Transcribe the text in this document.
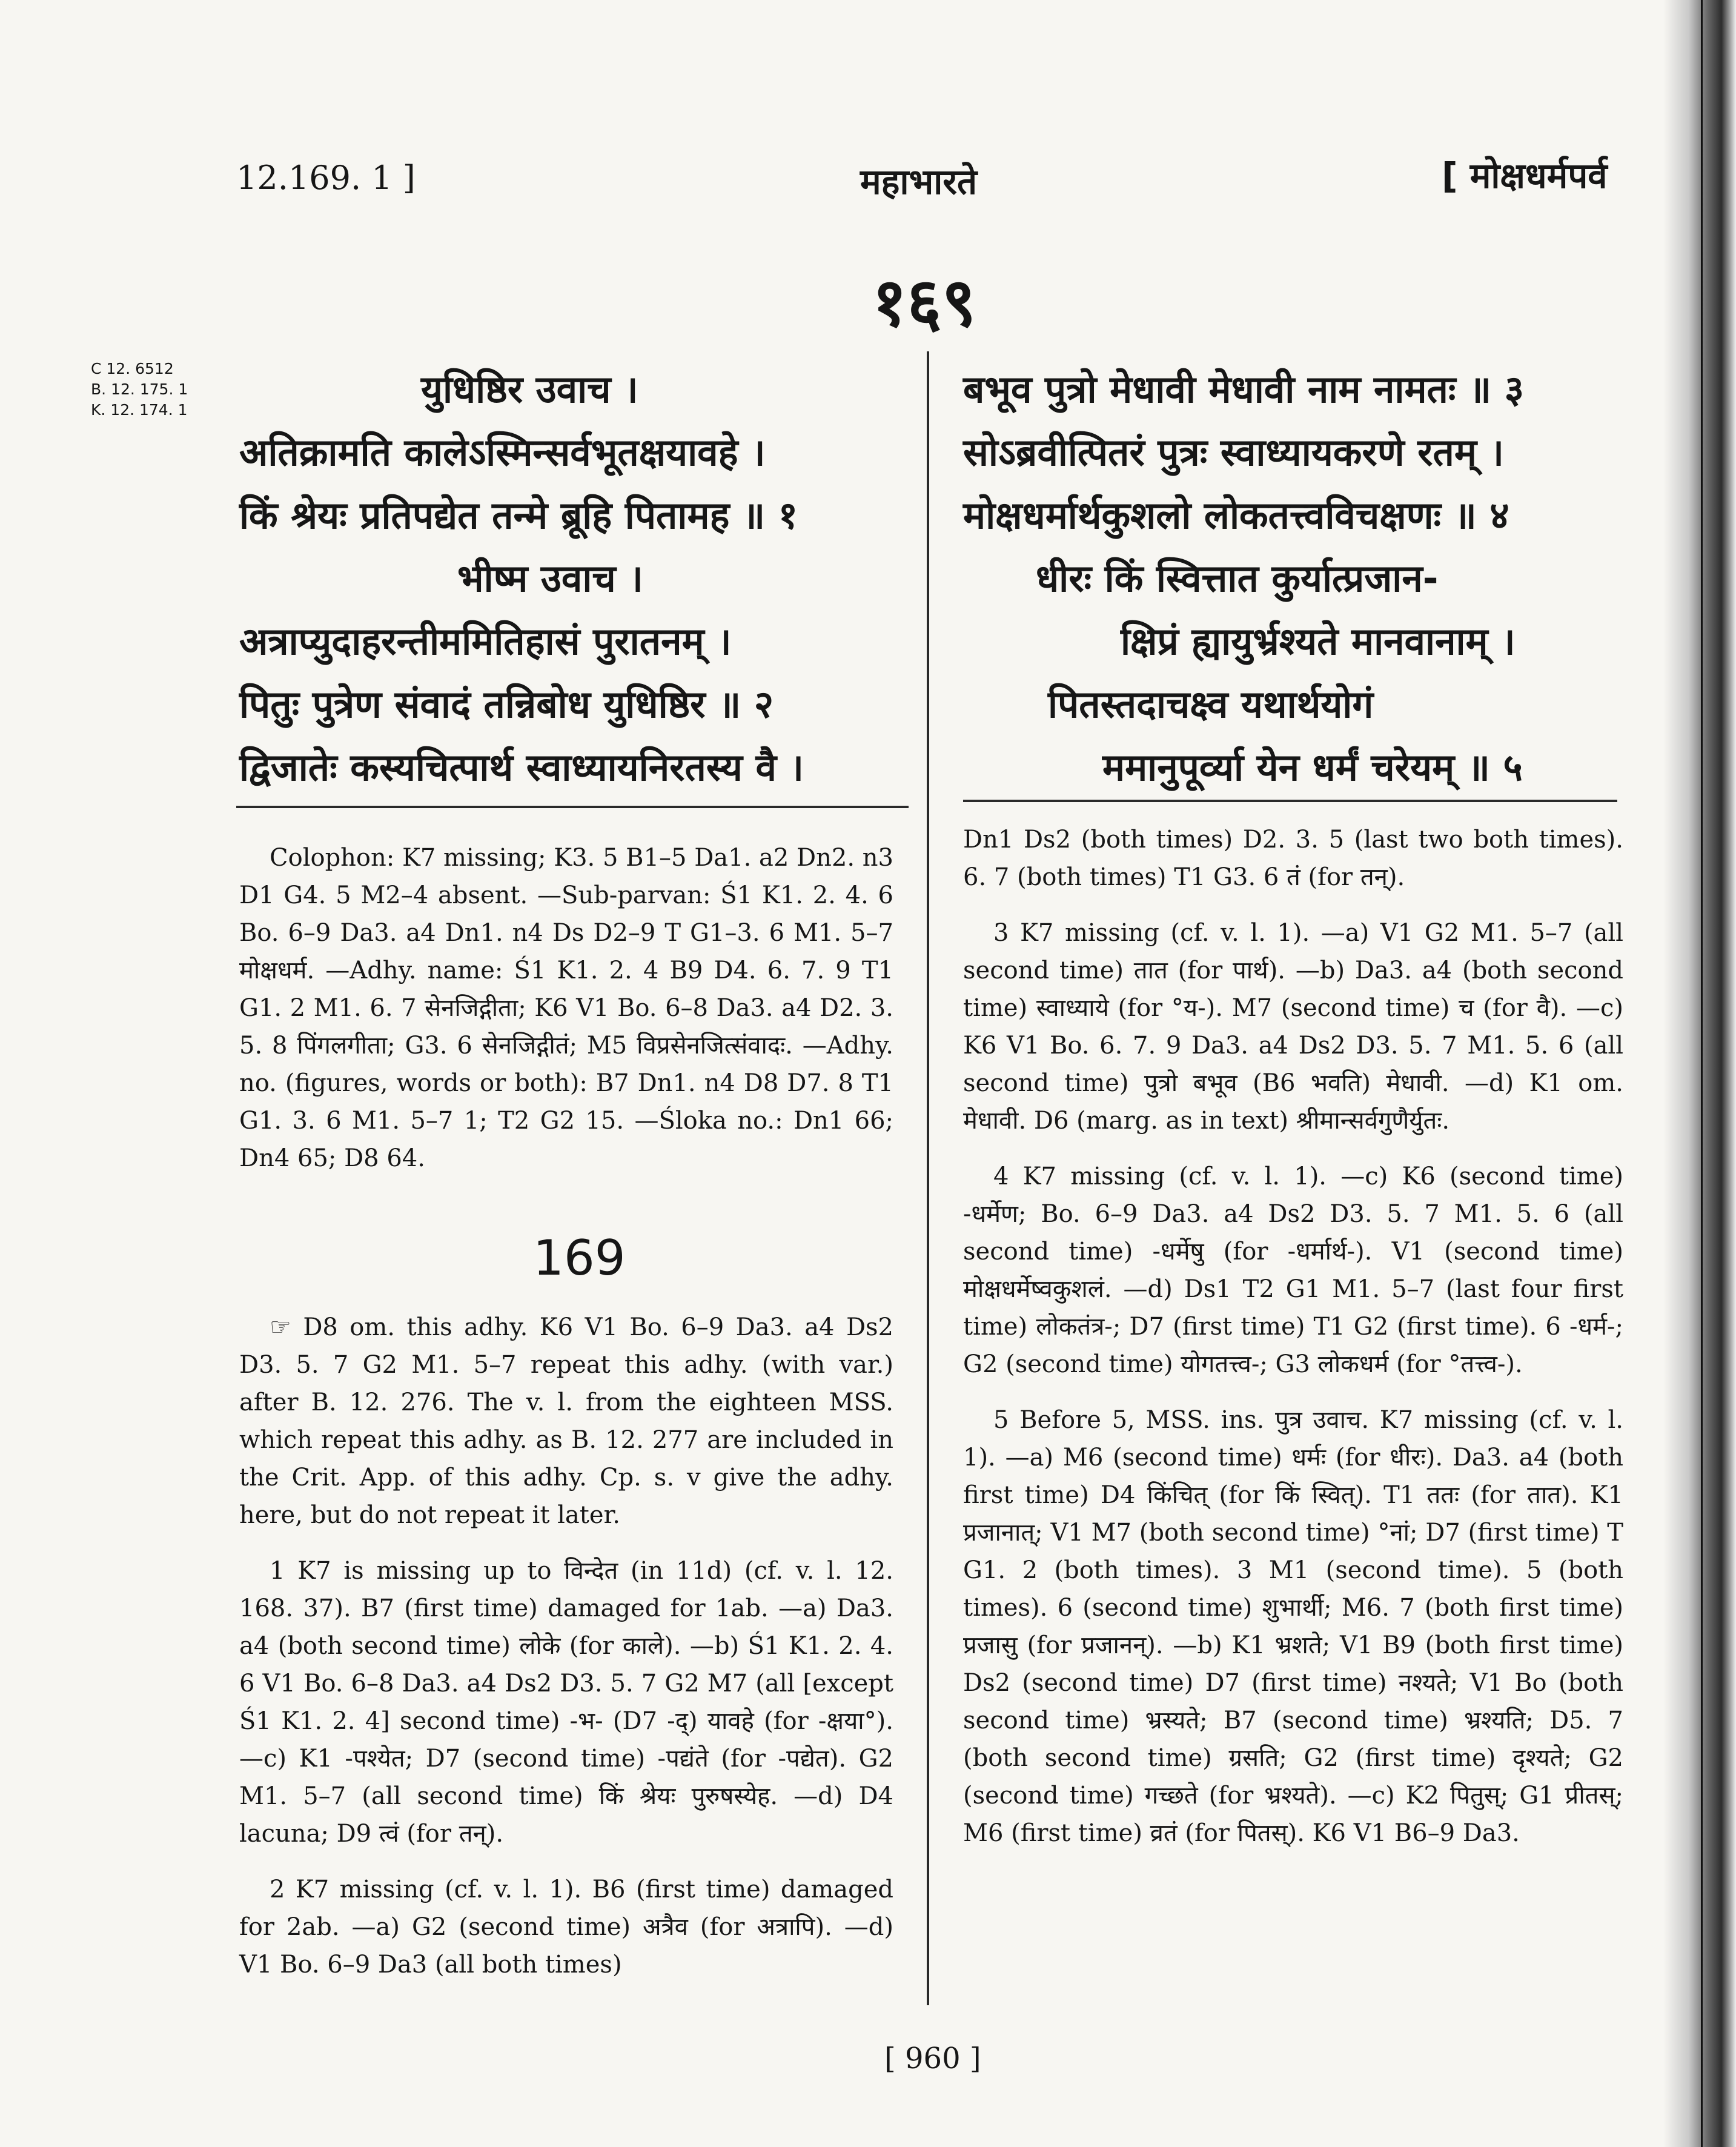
12.169. 1 ]	महाभारते	[ मोक्षधर्मपर्व
१६९
C 12. 6512
B. 12. 175. 1
K. 12. 174. 1	युधिष्ठिर उवाच ।
अतिक्रामति कालेऽस्मिन्सर्वभूतक्षयावहे ।
किं श्रेयः प्रतिपद्येत तन्मे ब्रूहि पितामह ॥ १
भीष्म उवाच ।
अत्राप्युदाहरन्तीममितिहासं पुरातनम् ।
पितुः पुत्रेण संवादं तन्निबोध युधिष्ठिर ॥ २
द्विजातेः कस्यचित्पार्थ स्वाध्यायनिरतस्य वै ।
बभूव पुत्रो मेधावी मेधावी नाम नामतः ॥ ३
सोऽब्रवीत्पितरं पुत्रः स्वाध्यायकरणे रतम् ।
मोक्षधर्मार्थकुशलो लोकतत्त्वविचक्षणः ॥ ४
धीरः किं स्वित्तात कुर्यात्प्रजान-
क्षिप्रं ह्यायुर्भ्रश्यते मानवानाम् ।
पितस्तदाचक्ष्व यथार्थयोगं
ममानुपूर्व्या येन धर्मं चरेयम् ॥ ५

Colophon: K7 missing; K3. 5 B1–5 Da1. a2 Dn2. n3 D1 G4. 5 M2–4 absent. —Sub-parvan: Ś1 K1. 2. 4. 6 Bo. 6–9 Da3. a4 Dn1. n4 Ds D2–9 T G1–3. 6 M1. 5–7 मोक्षधर्म. —Adhy. name: Ś1 K1. 2. 4 B9 D4. 6. 7. 9 T1 G1. 2 M1. 6. 7 सेनजिद्गीता; K6 V1 Bo. 6–8 Da3. a4 D2. 3. 5. 8 पिंगलगीता; G3. 6 सेनजिद्गीतं; M5 विप्रसेनजित्संवादः. —Adhy. no. (figures, words or both): B7 Dn1. n4 D8 D7. 8 T1 G1. 3. 6 M1. 5–7 1; T2 G2 15. —Śloka no.: Dn1 66; Dn4 65; D8 64.

169

☞ D8 om. this adhy. K6 V1 Bo. 6–9 Da3. a4 Ds2 D3. 5. 7 G2 M1. 5–7 repeat this adhy. (with var.) after B. 12. 276. The v. l. from the eighteen MSS. which repeat this adhy. as B. 12. 277 are included in the Crit. App. of this adhy. Cp. s. v give the adhy. here, but do not repeat it later.

1 K7 is missing up to विन्देत (in 11d) (cf. v. l. 12. 168. 37). B7 (first time) damaged for 1ab. —a) Da3. a4 (both second time) लोके (for काले). —b) Ś1 K1. 2. 4. 6 V1 Bo. 6–8 Da3. a4 Ds2 D3. 5. 7 G2 M7 (all [except Ś1 K1. 2. 4] second time) -भ- (D7 -द्) यावहे (for -क्षया°). —c) K1 -पश्येत; D7 (second time) -पद्यंते (for -पद्येत). G2 M1. 5–7 (all second time) किं श्रेयः पुरुषस्येह. —d) D4 lacuna; D9 त्वं (for तन्).

2 K7 missing (cf. v. l. 1). B6 (first time) damaged for 2ab. —a) G2 (second time) अत्रैव (for अत्रापि). —d) V1 Bo. 6–9 Da3 (all both times)

Dn1 Ds2 (both times) D2. 3. 5 (last two both times). 6. 7 (both times) T1 G3. 6 तं (for तन्).

3 K7 missing (cf. v. l. 1). —a) V1 G2 M1. 5–7 (all second time) तात (for पार्थ). —b) Da3. a4 (both second time) स्वाध्याये (for °य-). M7 (second time) च (for वै). —c) K6 V1 Bo. 6. 7. 9 Da3. a4 Ds2 D3. 5. 7 M1. 5. 6 (all second time) पुत्रो बभूव (B6 भवति) मेधावी. —d) K1 om. मेधावी. D6 (marg. as in text) श्रीमान्सर्वगुणैर्युतः.

4 K7 missing (cf. v. l. 1). —c) K6 (second time) -धर्मेण; Bo. 6–9 Da3. a4 Ds2 D3. 5. 7 M1. 5. 6 (all second time) -धर्मेषु (for -धर्मार्थ-). V1 (second time) मोक्षधर्मेष्वकुशलं. —d) Ds1 T2 G1 M1. 5–7 (last four first time) लोकतंत्र-; D7 (first time) T1 G2 (first time). 6 -धर्म-; G2 (second time) योगतत्त्व-; G3 लोकधर्म (for °तत्त्व-).

5 Before 5, MSS. ins. पुत्र उवाच. K7 missing (cf. v. l. 1). —a) M6 (second time) धर्मः (for धीरः). Da3. a4 (both first time) D4 किंचित् (for किं स्वित्). T1 ततः (for तात). K1 प्रजानात्; V1 M7 (both second time) °नां; D7 (first time) T G1. 2 (both times). 3 M1 (second time). 5 (both times). 6 (second time) शुभार्थी; M6. 7 (both first time) प्रजासु (for प्रजानन्). —b) K1 भ्रशते; V1 B9 (both first time) Ds2 (second time) D7 (first time) नश्यते; V1 Bo (both second time) भ्रस्यते; B7 (second time) भ्रश्यति; D5. 7 (both second time) ग्रसति; G2 (first time) दृश्यते; G2 (second time) गच्छते (for भ्रश्यते). —c) K2 पितुस्; G1 प्रीतस्; M6 (first time) व्रतं (for पितस्). K6 V1 B6–9 Da3.

[ 960 ]
